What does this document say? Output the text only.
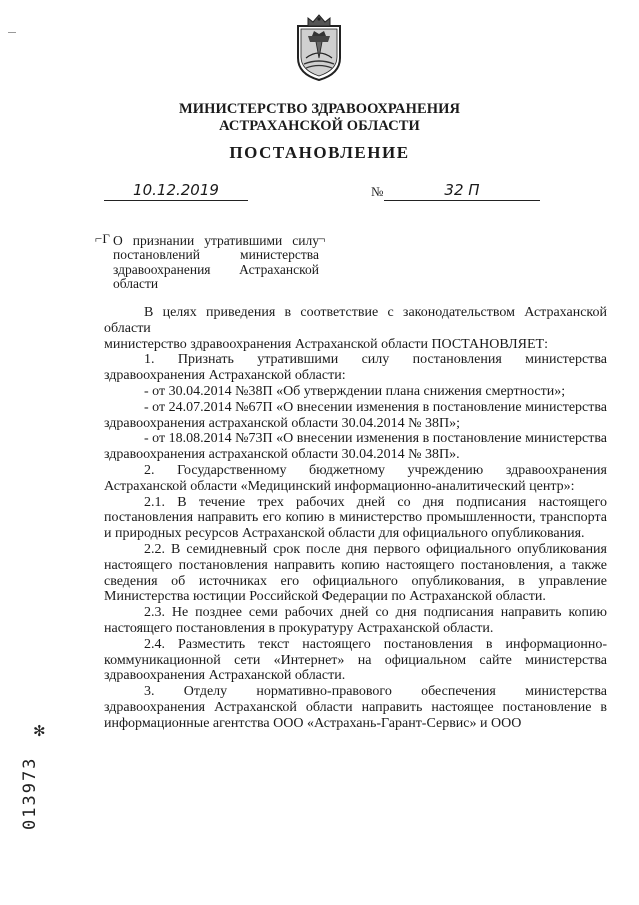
МИНИСТЕРСТВО ЗДРАВООХРАНЕНИЯ
АСТРАХАНСКОЙ ОБЛАСТИ
ПОСТАНОВЛЕНИЕ
10.12.2019	№	32 П
⌐Г	¬
О признании утратившими силу постановлений министерства здравоохранения Астраханской области

В целях приведения в соответствие с законодательством Астраханской области

министерство здравоохранения Астраханской области ПОСТАНОВЛЯЕТ:

1. Признать утратившими силу постановления министерства здравоохранения Астраханской области:

- от 30.04.2014 №38П «Об утверждении плана снижения смертности»;

- от 24.07.2014 №67П «О внесении изменения в постановление министерства здравоохранения астраханской области 30.04.2014 № 38П»;

- от 18.08.2014 №73П «О внесении изменения в постановление министерства здравоохранения астраханской области 30.04.2014 № 38П».

2. Государственному бюджетному учреждению здравоохранения Астраханской области «Медицинский информационно-аналитический центр»:

2.1. В течение трех рабочих дней со дня подписания настоящего постановления направить его копию в министерство промышленности, транспорта и природных ресурсов Астраханской области для официального опубликования.

2.2. В семидневный срок после дня первого официального опубликования настоящего постановления направить копию настоящего постановления, а также сведения об источниках его официального опубликования, в управление Министерства юстиции Российской Федерации по Астраханской области.

2.3. Не позднее семи рабочих дней со дня подписания направить копию настоящего постановления в прокуратуру Астраханской области.

2.4. Разместить текст настоящего постановления в информационно-коммуникационной сети «Интернет» на официальном сайте министерства здравоохранения Астраханской области.

3. Отделу нормативно-правового обеспечения министерства здравоохранения Астраханской области направить настоящее постановление в информационные агентства ООО «Астрахань-Гарант-Сервис» и ООО

✻
013973
